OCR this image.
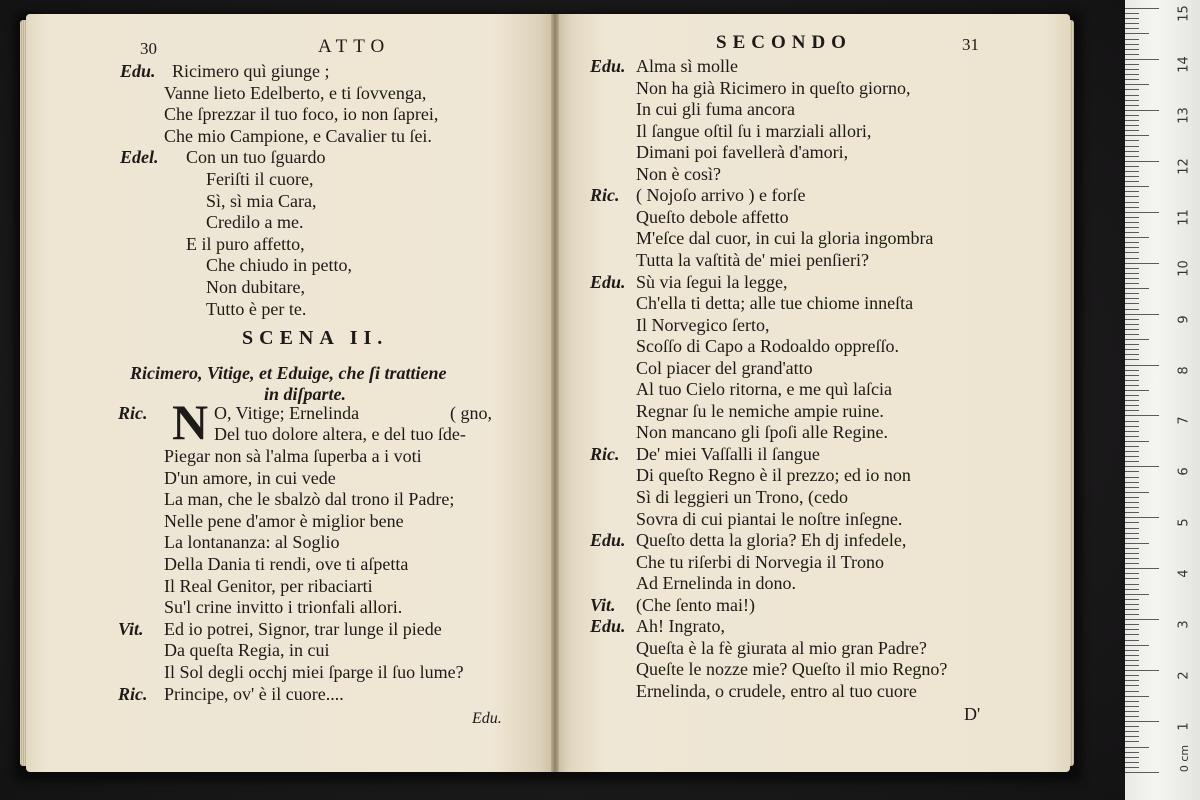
30	ATTO
Edu. Ricimero quì giunge ;
Vanne lieto Edelberto, e ti ſovvenga,
Che ſprezzar il tuo foco, io non ſaprei,
Che mio Campione, e Cavalier tu ſei.
Edel. Con un tuo ſguardo
Feriſti il cuore,
Sì, sì mia Cara,
Credilo a me.
E il puro affetto,
Che chiudo in petto,
Non dubitare,
Tutto è per te.
SCENA II.
Ricimero, Vitige, et Eduige, che ſi trattiene
in diſparte.
Ric. N O, Vitige; Ernelinda	( gno,
Del tuo dolore altera, e del tuo ſde-
Piegar non sà l'alma ſuperba a i voti
D'un amore, in cui vede
La man, che le sbalzò dal trono il Padre;
Nelle pene d'amor è miglior bene
La lontananza: al Soglio
Della Dania ti rendi, ove ti aſpetta
Il Real Genitor, per ribaciarti
Su'l crine invitto i trionfali allori.
Vit. Ed io potrei, Signor, trar lunge il piede
Da queſta Regia, in cui
Il Sol degli occhj miei ſparge il ſuo lume?
Ric. Principe, ov' è il cuore....
Edu.
SECONDO	31
Edu. Alma sì molle
Non ha già Ricimero in queſto giorno,
In cui gli fuma ancora
Il ſangue oſtil ſu i marziali allori,
Dimani poi favellerà d'amori,
Non è così?
Ric. ( Nojoſo arrivo ) e forſe
Queſto debole affetto
M'eſce dal cuor, in cui la gloria ingombra
Tutta la vaſtità de' miei penſieri?
Edu. Sù via ſegui la legge,
Ch'ella ti detta; alle tue chiome inneſta
Il Norvegico ſerto,
Scoſſo di Capo a Rodoaldo oppreſſo.
Col piacer del grand'atto
Al tuo Cielo ritorna, e me quì laſcia
Regnar ſu le nemiche ampie ruine.
Non mancano gli ſpoſi alle Regine.
Ric. De' miei Vaſſalli il ſangue
Di queſto Regno è il prezzo; ed io non
Sì di leggieri un Trono, (cedo
Sovra di cui piantai le noſtre inſegne.
Edu. Queſto detta la gloria? Eh dj infedele,
Che tu riſerbi di Norvegia il Trono
Ad Ernelinda in dono.
Vit. (Che ſento mai!)
Edu. Ah! Ingrato,
Queſta è la fè giurata al mio gran Padre?
Queſte le nozze mie? Queſto il mio Regno?
Ernelinda, o crudele, entro al tuo cuore
D'
0 cm
15
14
13
12
11
10
9
8
7
6
5
4
3
2
1
